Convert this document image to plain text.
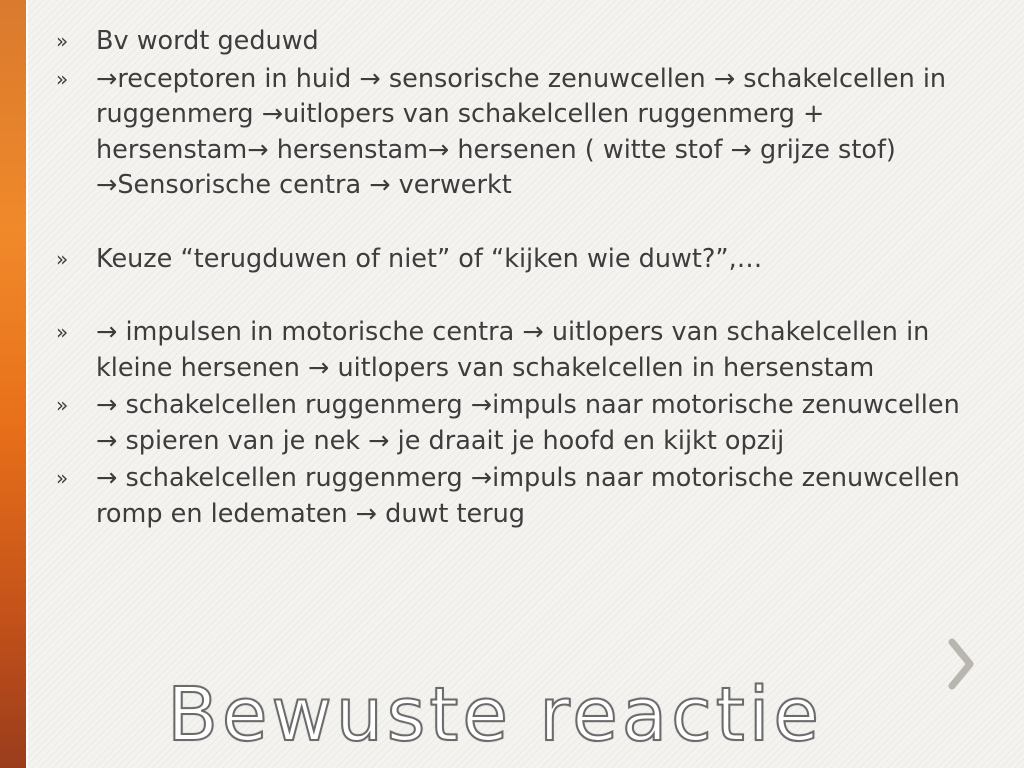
»	Bv wordt geduwd
»	→receptoren in huid → sensorische zenuwcellen → schakelcellen in ruggenmerg →uitlopers van schakelcellen ruggenmerg + hersenstam→ hersenstam→ hersenen ( witte stof → grijze stof) →Sensorische centra → verwerkt
»	Keuze “terugduwen of niet” of “kijken wie duwt?”,…
»	→ impulsen in motorische centra → uitlopers van schakelcellen in kleine hersenen → uitlopers van schakelcellen in hersenstam
»	→ schakelcellen ruggenmerg →impuls naar motorische zenuwcellen → spieren van je nek → je draait je hoofd en kijkt opzij
»	→ schakelcellen ruggenmerg →impuls naar motorische zenuwcellen romp en ledematen → duwt terug
Bewuste reactie
